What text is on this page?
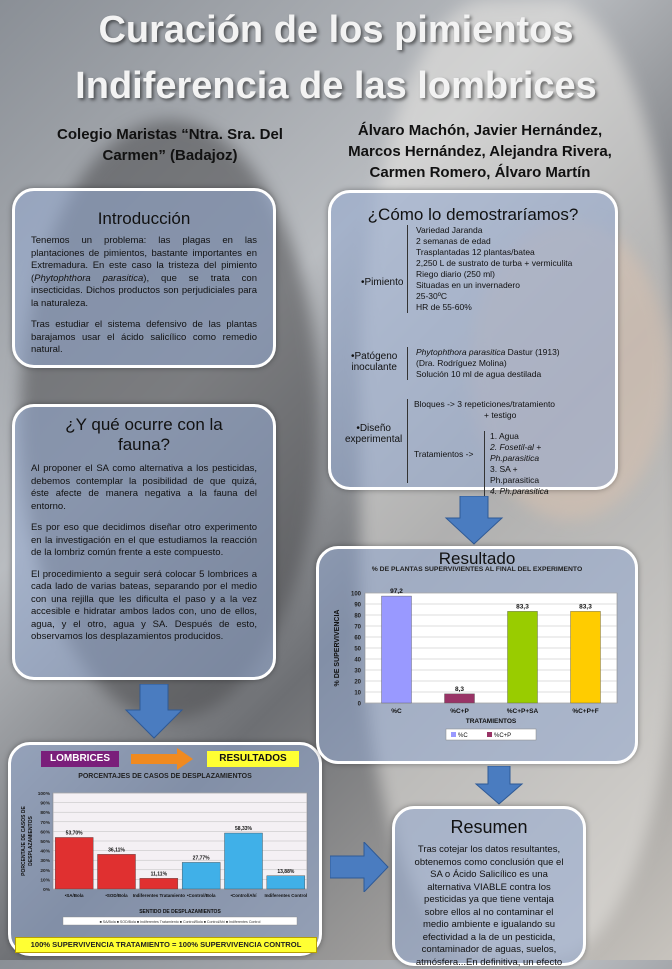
Curación de los pimientos
Indiferencia de las lombrices
Colegio Maristas “Ntra. Sra. Del
Carmen” (Badajoz)
Álvaro Machón, Javier Hernández,
Marcos Hernández, Alejandra Rivera,
Carmen Romero, Álvaro Martín
Introducción

Tenemos un problema: las plagas en las plantaciones de pimientos, bastante importantes en Extremadura. En este caso la tristeza del pimiento (Phytophthora parasitica), que se trata con insecticidas. Dichos productos son perjudiciales para la naturaleza.

Tras estudiar el sistema defensivo de las plantas barajamos usar el ácido salicílico como remedio natural.

¿Y qué ocurre con la
fauna?

Al proponer el SA como alternativa a los pesticidas, debemos contemplar la posibilidad de que quizá, éste afecte de manera negativa a la fauna del entorno.

Es por eso que decidimos diseñar otro experimento en la investigación en el que estudiamos la reacción de la lombriz común frente a este compuesto.

El procedimiento a seguir será colocar 5 lombrices a cada lado de varias bateas, separando por el medio con una rejilla que les dificulta el paso y a la vez accesible e hidratar ambos lados con, uno de ellos, agua, y el otro, agua y SA. Después de esto, observamos los desplazamientos producidos.

LOMBRICES	RESULTADOS
PORCENTAJES DE CASOS DE DESPLAZAMIENTOS
0%
10%
20%
30%
40%
50%
60%
70%
80%
90%
100%
53,70%
•SA/Bola
36,11%
•SOD/Bola
11,11%
Indiferentes Tratamiento
27,77%
•Control/Bola
58,33%
•Control/Ahí
13,88%
Indiferentes Control
SENTIDO DE DESPLAZAMIENTOS
PORCENTAJE DE CASOS DE DESPLAZAMIENTOS
■ SA/Bola ■ SOD/Bola ■ Indiferentes Tratamiento ■ Control/Bola ■ Control/Ahí ■ Indiferentes Control
100% SUPERVIVENCIA TRATAMIENTO = 100% SUPERVIVENCIA CONTROL
¿Cómo lo demostraríamos?
•Pimiento
Variedad Jaranda
2 semanas de edad
Trasplantadas 12 plantas/batea
2,250 L de sustrato de turba + vermiculita
Riego diario (250 ml)
Situadas en un invernadero
25-30ºC
HR de 55-60%
•Patógeno
inoculante
Phytophthora parasitica Dastur (1913)
(Dra. Rodríguez Molina)
Solución 10 ml de agua destilada
•Diseño
experimental
Bloques -> 3 repeticiones/tratamiento
+ testigo
Tratamientos ->
1. Agua
2. Fosetil-al + Ph.parasitica
3. SA + Ph.parasitica
4. Ph.parasitica
Resultado
% DE PLANTAS SUPERVIVIENTES AL FINAL DEL EXPERIMENTO
0
10
20
30
40
50
60
70
80
90
100	97,2
%C
8,3
%C+P
83,3
%C+P+SA
83,3
%C+P+F
TRATAMIENTOS
% DE SUPERVIVENCIA
%C	%C+P
Resumen
Tras cotejar los datos resultantes,
obtenemos como conclusión que el
SA o Ácido Salicílico es una
alternativa VIABLE contra los
pesticidas ya que tiene ventaja
sobre ellos al no contaminar el
medio ambiente e igualando su
efectividad a la de un pesticida,
contaminador de aguas, suelos,
atmósfera...En definitiva, un efecto
